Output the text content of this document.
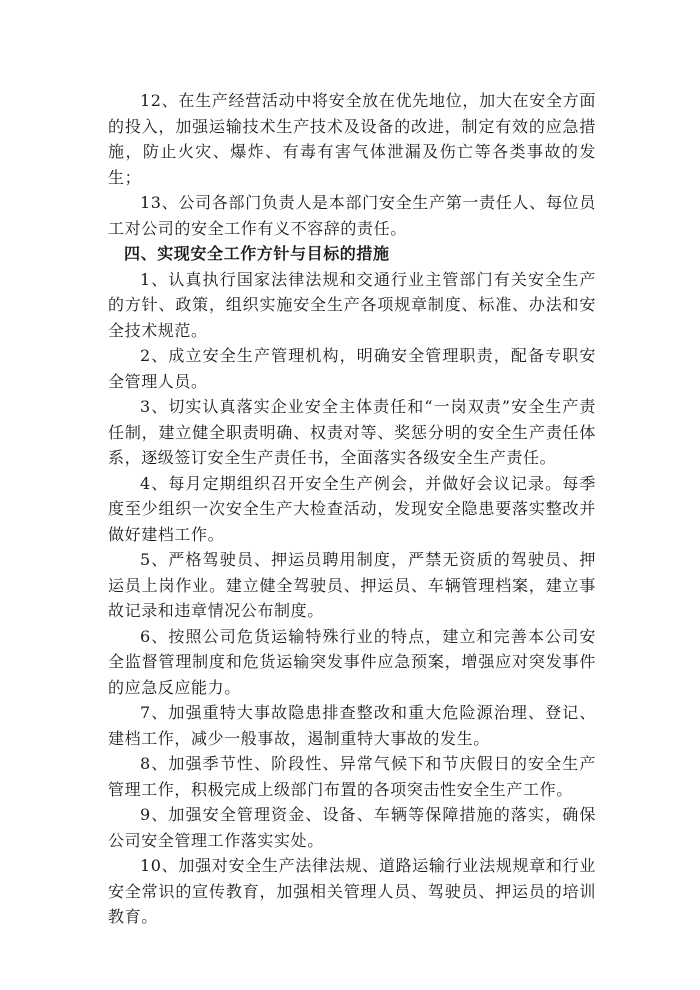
12、在生产经营活动中将安全放在优先地位，加大在安全方面的投入，加强运输技术生产技术及设备的改进，制定有效的应急措施，防止火灾、爆炸、有毒有害气体泄漏及伤亡等各类事故的发生；

13、公司各部门负责人是本部门安全生产第一责任人、每位员工对公司的安全工作有义不容辞的责任。

四、实现安全工作方针与目标的措施

1、认真执行国家法律法规和交通行业主管部门有关安全生产的方针、政策，组织实施安全生产各项规章制度、标准、办法和安全技术规范。

2、成立安全生产管理机构，明确安全管理职责，配备专职安全管理人员。

3、切实认真落实企业安全主体责任和“一岗双责”安全生产责任制，建立健全职责明确、权责对等、奖惩分明的安全生产责任体系，逐级签订安全生产责任书，全面落实各级安全生产责任。

4、每月定期组织召开安全生产例会，并做好会议记录。每季度至少组织一次安全生产大检查活动，发现安全隐患要落实整改并做好建档工作。

5、严格驾驶员、押运员聘用制度，严禁无资质的驾驶员、押运员上岗作业。建立健全驾驶员、押运员、车辆管理档案，建立事故记录和违章情况公布制度。

6、按照公司危货运输特殊行业的特点，建立和完善本公司安全监督管理制度和危货运输突发事件应急预案，增强应对突发事件的应急反应能力。

7、加强重特大事故隐患排查整改和重大危险源治理、登记、建档工作，减少一般事故，遏制重特大事故的发生。

8、加强季节性、阶段性、异常气候下和节庆假日的安全生产管理工作，积极完成上级部门布置的各项突击性安全生产工作。

9、加强安全管理资金、设备、车辆等保障措施的落实，确保公司安全管理工作落实实处。

10、加强对安全生产法律法规、道路运输行业法规规章和行业安全常识的宣传教育，加强相关管理人员、驾驶员、押运员的培训教育。
